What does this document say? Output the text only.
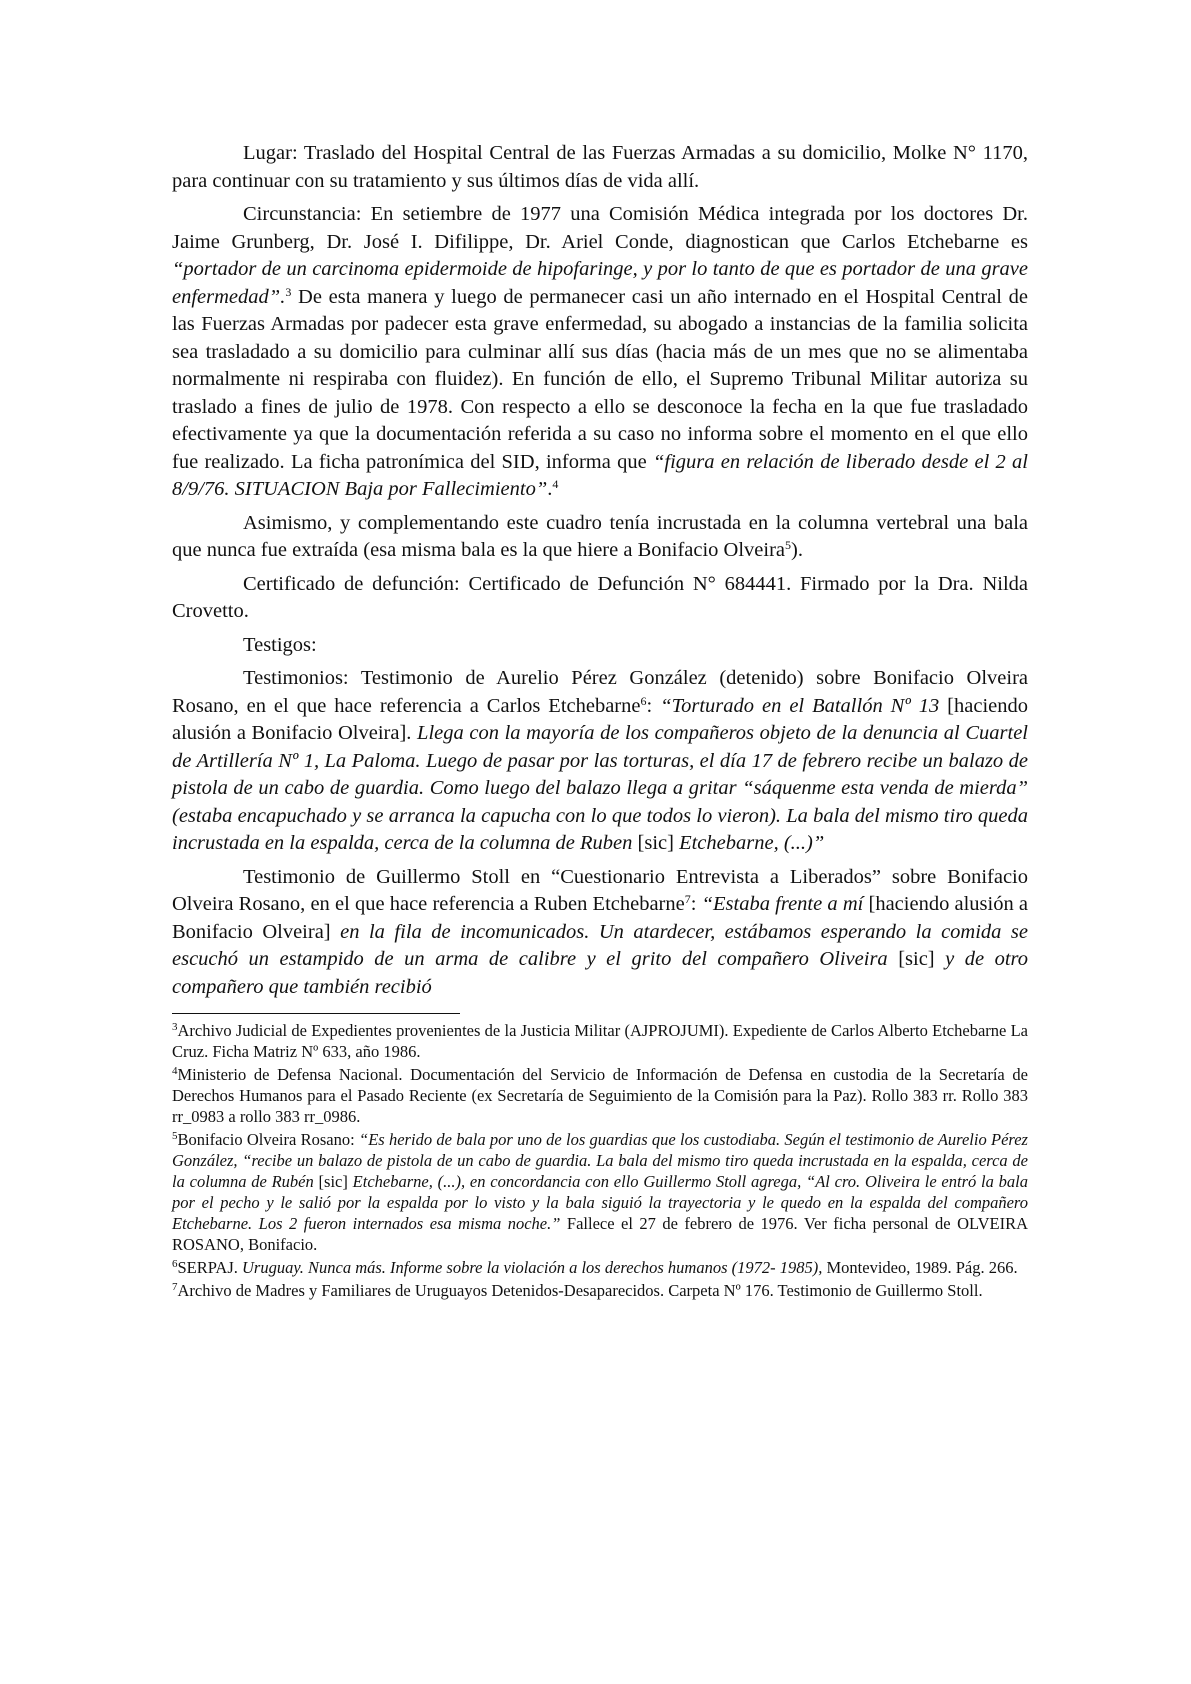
Lugar: Traslado del Hospital Central de las Fuerzas Armadas a su domicilio, Molke N° 1170, para continuar con su tratamiento y sus últimos días de vida allí.

Circunstancia: En setiembre de 1977 una Comisión Médica integrada por los doctores Dr. Jaime Grunberg, Dr. José I. Difilippe, Dr. Ariel Conde, diagnostican que Carlos Etchebarne es “portador de un carcinoma epidermoide de hipofaringe, y por lo tanto de que es portador de una grave enfermedad”.$^3$ De esta manera y luego de permanecer casi un año internado en el Hospital Central de las Fuerzas Armadas por padecer esta grave enfermedad, su abogado a instancias de la familia solicita sea trasladado a su domicilio para culminar allí sus días (hacia más de un mes que no se alimentaba normalmente ni respiraba con fluidez). En función de ello, el Supremo Tribunal Militar autoriza su traslado a fines de julio de 1978. Con respecto a ello se desconoce la fecha en la que fue trasladado efectivamente ya que la documentación referida a su caso no informa sobre el momento en el que ello fue realizado. La ficha patronímica del SID, informa que “figura en relación de liberado desde el 2 al 8/9/76. SITUACION Baja por Fallecimiento”.$^4$

Asimismo, y complementando este cuadro tenía incrustada en la columna vertebral una bala que nunca fue extraída (esa misma bala es la que hiere a Bonifacio Olveira$^5$).

Certificado de defunción: Certificado de Defunción N° 684441. Firmado por la Dra. Nilda Crovetto.

Testigos:

Testimonios: Testimonio de Aurelio Pérez González (detenido) sobre Bonifacio Olveira Rosano, en el que hace referencia a Carlos Etchebarne$^6$: “Torturado en el Batallón Nº 13 [haciendo alusión a Bonifacio Olveira]. Llega con la mayoría de los compañeros objeto de la denuncia al Cuartel de Artillería Nº 1, La Paloma. Luego de pasar por las torturas, el día 17 de febrero recibe un balazo de pistola de un cabo de guardia. Como luego del balazo llega a gritar “sáquenme esta venda de mierda” (estaba encapuchado y se arranca la capucha con lo que todos lo vieron). La bala del mismo tiro queda incrustada en la espalda, cerca de la columna de Ruben [sic] Etchebarne, (...)”

Testimonio de Guillermo Stoll en “Cuestionario Entrevista a Liberados” sobre Bonifacio Olveira Rosano, en el que hace referencia a Ruben Etchebarne$^7$: “Estaba frente a mí [haciendo alusión a Bonifacio Olveira] en la fila de incomunicados. Un atardecer, estábamos esperando la comida se escuchó un estampido de un arma de calibre y el grito del compañero Oliveira [sic] y de otro compañero que también recibió

$^3$Archivo Judicial de Expedientes provenientes de la Justicia Militar (AJPROJUMI). Expediente de Carlos Alberto Etchebarne La Cruz. Ficha Matriz Nº 633, año 1986.

$^4$Ministerio de Defensa Nacional. Documentación del Servicio de Información de Defensa en custodia de la Secretaría de Derechos Humanos para el Pasado Reciente (ex Secretaría de Seguimiento de la Comisión para la Paz). Rollo 383 rr. Rollo 383 rr_0983 a rollo 383 rr_0986.

$^5$Bonifacio Olveira Rosano: “Es herido de bala por uno de los guardias que los custodiaba. Según el testimonio de Aurelio Pérez González, “recibe un balazo de pistola de un cabo de guardia. La bala del mismo tiro queda incrustada en la espalda, cerca de la columna de Rubén [sic] Etchebarne, (...), en concordancia con ello Guillermo Stoll agrega, “Al cro. Oliveira le entró la bala por el pecho y le salió por la espalda por lo visto y la bala siguió la trayectoria y le quedo en la espalda del compañero Etchebarne. Los 2 fueron internados esa misma noche.” Fallece el 27 de febrero de 1976. Ver ficha personal de OLVEIRA ROSANO, Bonifacio.

$^6$SERPAJ. Uruguay. Nunca más. Informe sobre la violación a los derechos humanos (1972- 1985), Montevideo, 1989. Pág. 266.

$^7$Archivo de Madres y Familiares de Uruguayos Detenidos-Desaparecidos. Carpeta Nº 176. Testimonio de Guillermo Stoll.
